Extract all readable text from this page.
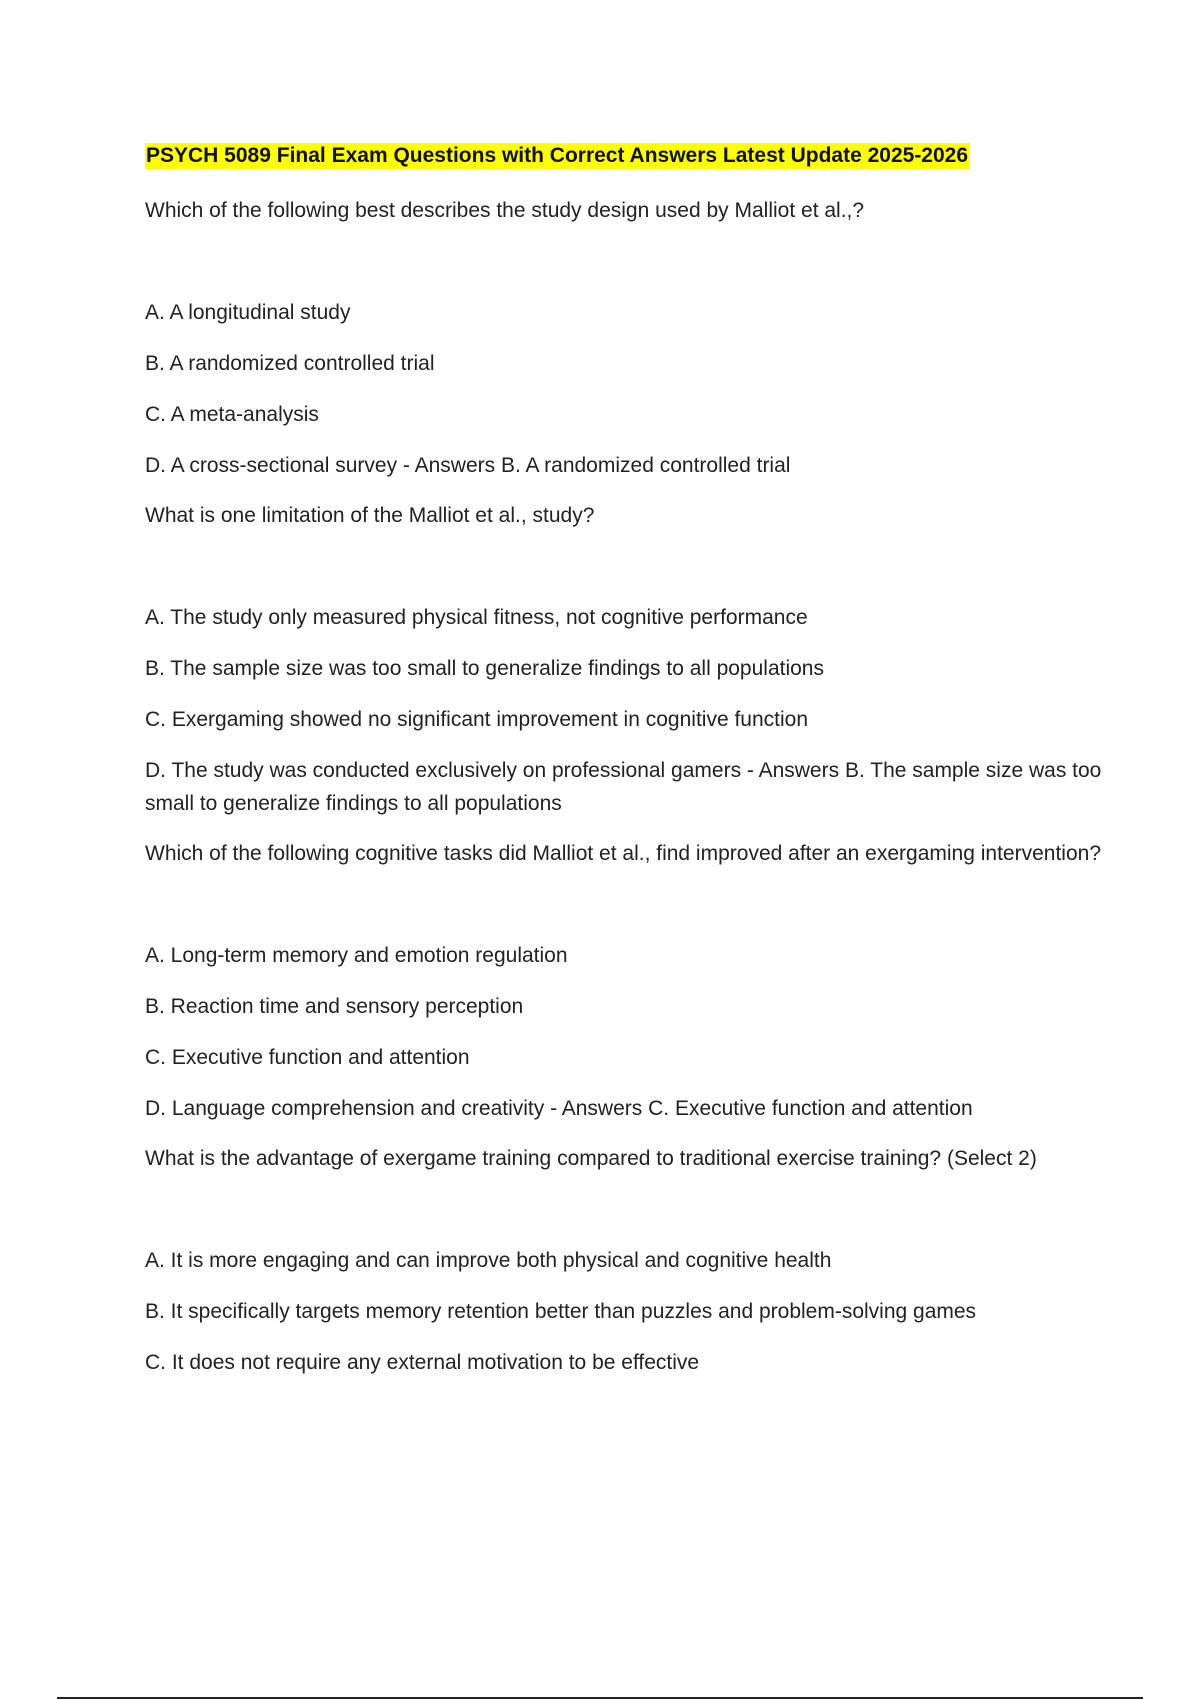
PSYCH 5089 Final Exam Questions with Correct Answers Latest Update 2025-2026
Which of the following best describes the study design used by Malliot et al.,?
A. A longitudinal study
B. A randomized controlled trial
C. A meta-analysis
D. A cross-sectional survey - Answers B. A randomized controlled trial
What is one limitation of the Malliot et al., study?
A. The study only measured physical fitness, not cognitive performance
B. The sample size was too small to generalize findings to all populations
C. Exergaming showed no significant improvement in cognitive function
D. The study was conducted exclusively on professional gamers - Answers B. The sample size was too small to generalize findings to all populations
Which of the following cognitive tasks did Malliot et al., find improved after an exergaming intervention?
A. Long-term memory and emotion regulation
B. Reaction time and sensory perception
C. Executive function and attention
D. Language comprehension and creativity - Answers C. Executive function and attention
What is the advantage of exergame training compared to traditional exercise training? (Select 2)
A. It is more engaging and can improve both physical and cognitive health
B. It specifically targets memory retention better than puzzles and problem-solving games
C. It does not require any external motivation to be effective
